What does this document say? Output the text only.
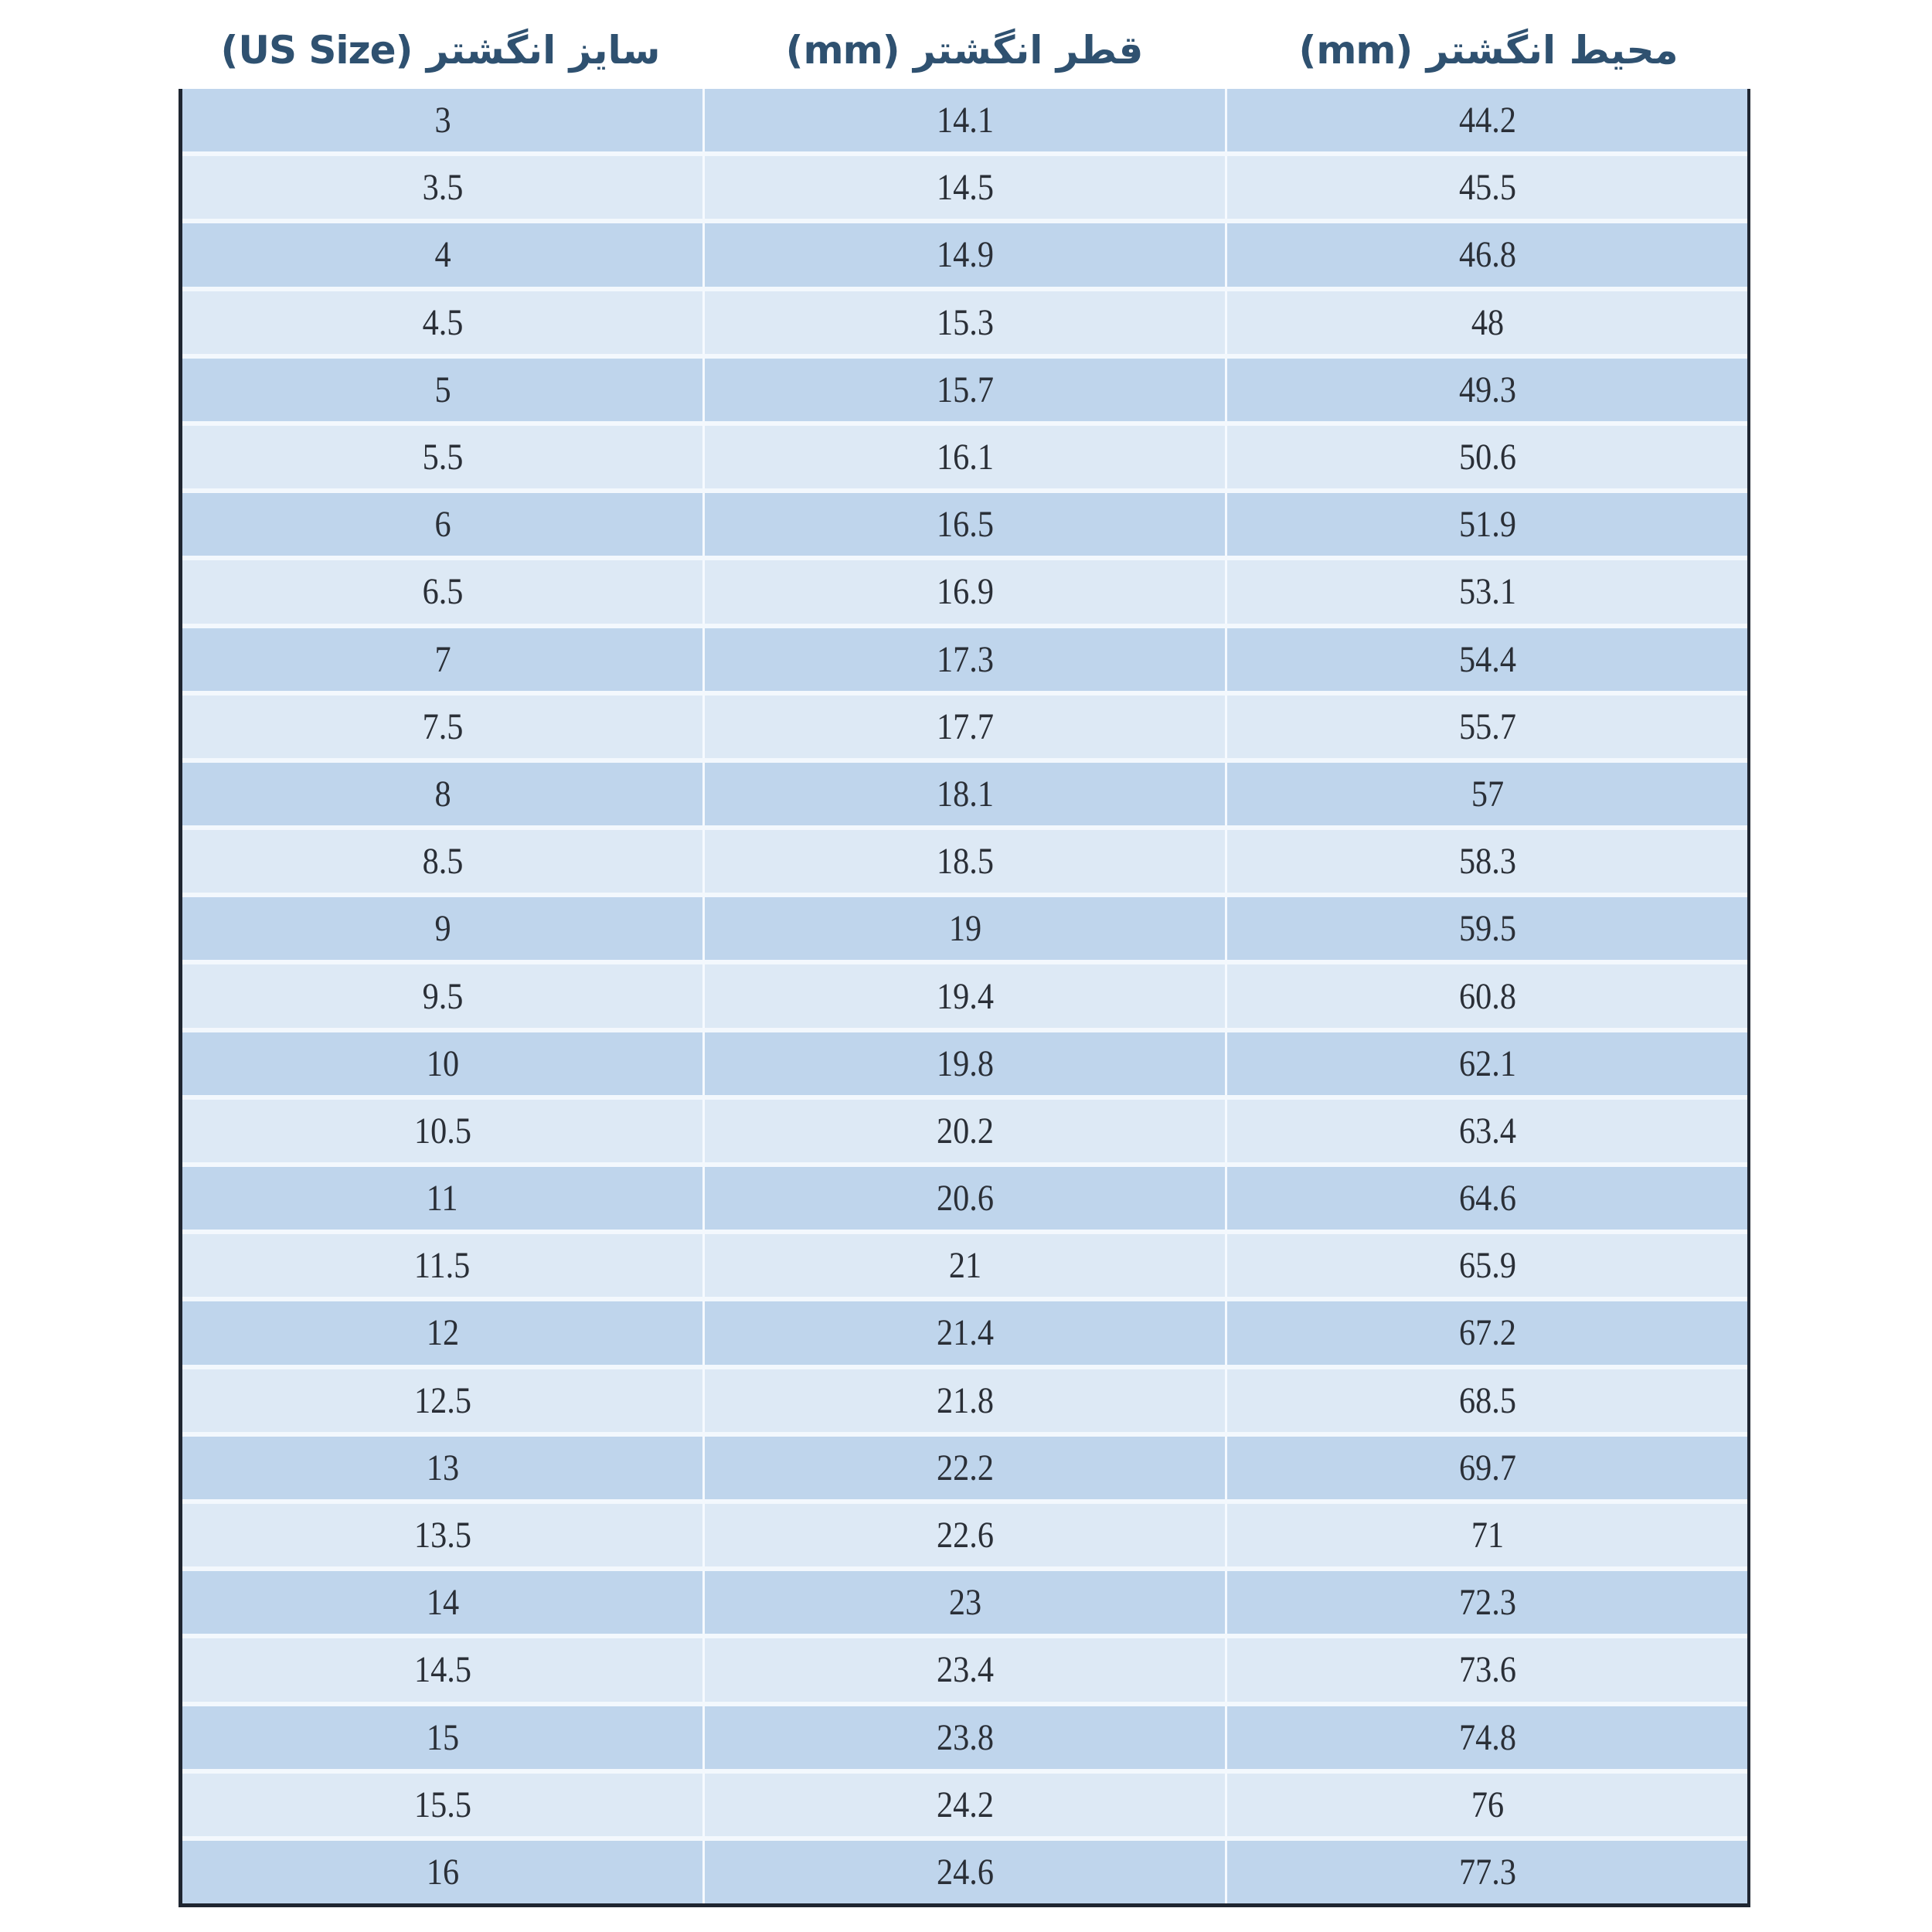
سایز انگشتر (US Size)	قطر انگشتر (mm)	محیط انگشتر (mm)
3	14.1	44.2
3.5	14.5	45.5
4	14.9	46.8
4.5	15.3	48
5	15.7	49.3
5.5	16.1	50.6
6	16.5	51.9
6.5	16.9	53.1
7	17.3	54.4
7.5	17.7	55.7
8	18.1	57
8.5	18.5	58.3
9	19	59.5
9.5	19.4	60.8
10	19.8	62.1
10.5	20.2	63.4
11	20.6	64.6
11.5	21	65.9
12	21.4	67.2
12.5	21.8	68.5
13	22.2	69.7
13.5	22.6	71
14	23	72.3
14.5	23.4	73.6
15	23.8	74.8
15.5	24.2	76
16	24.6	77.3
